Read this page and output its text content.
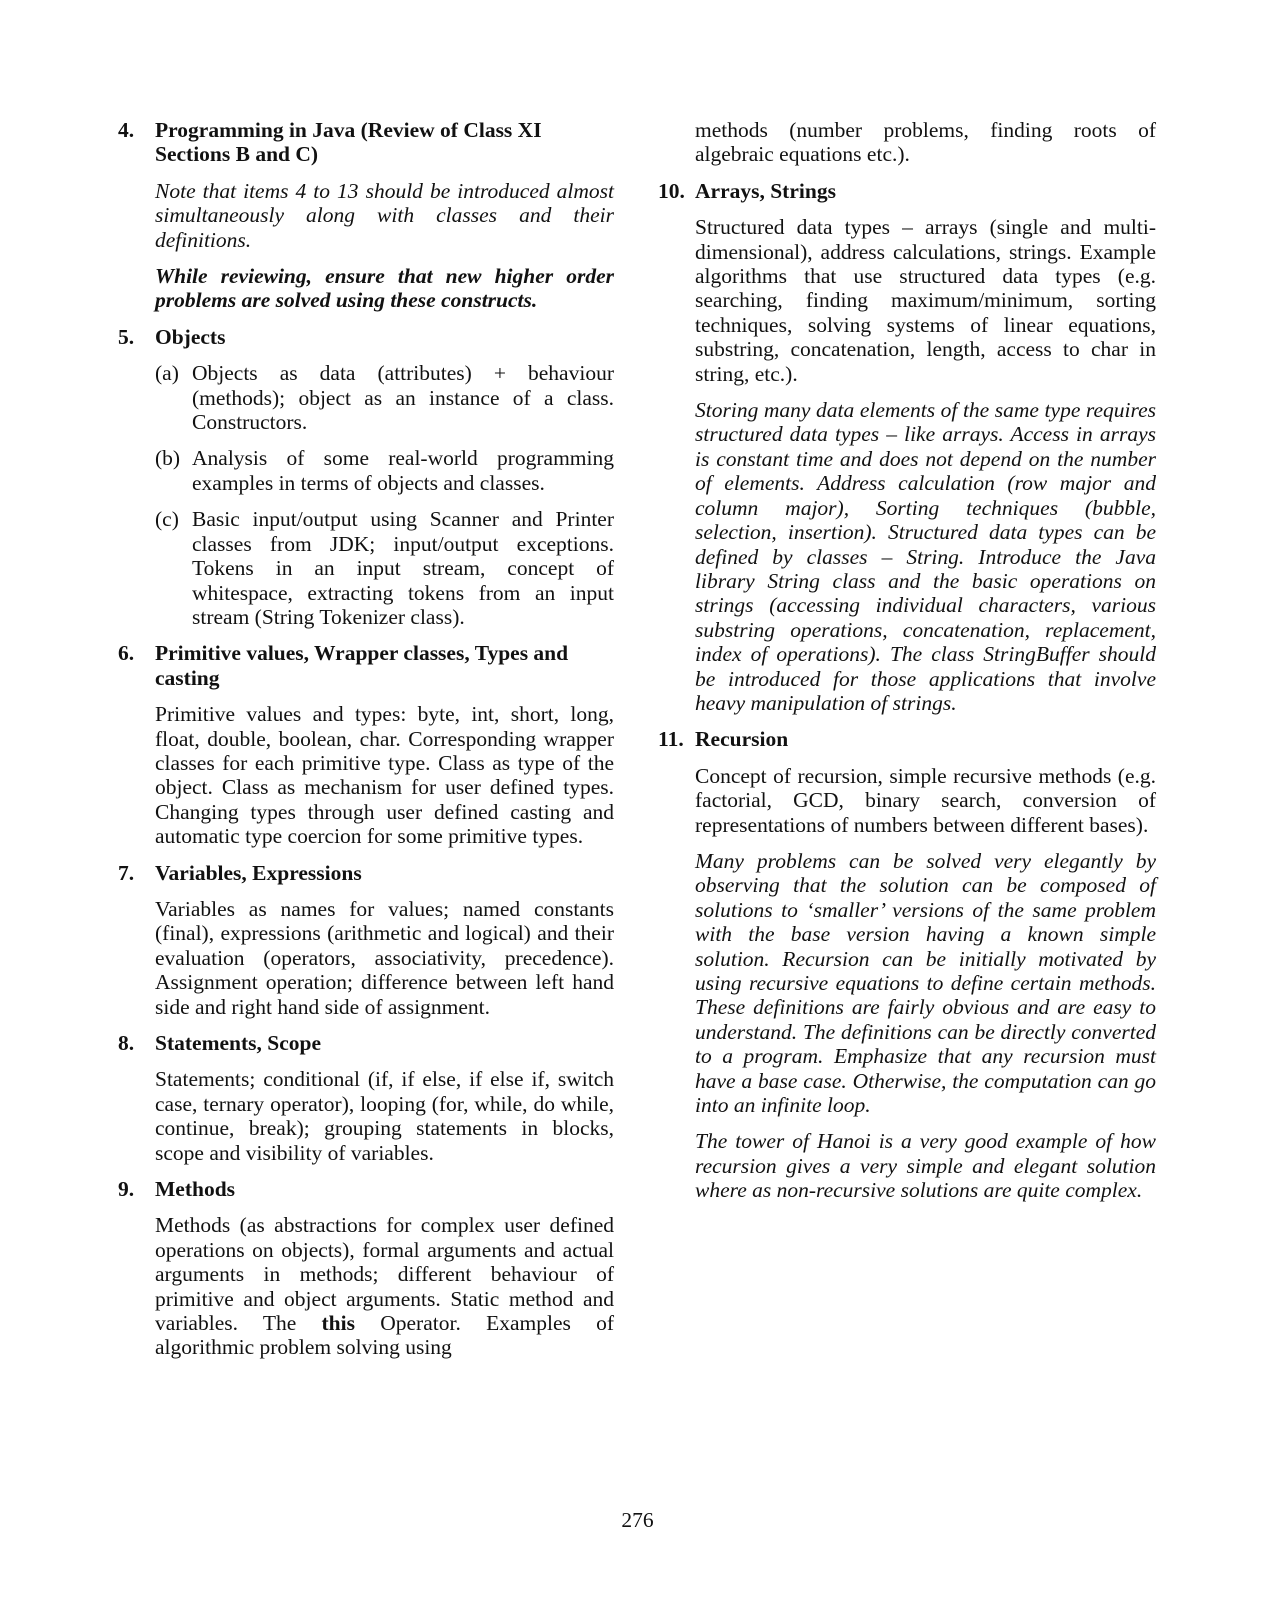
4. Programming in Java (Review of Class XI Sections B and C)

Note that items 4 to 13 should be introduced almost simultaneously along with classes and their definitions.

While reviewing, ensure that new higher order problems are solved using these constructs.

5. Objects
(a) Objects as data (attributes) + behaviour (methods); object as an instance of a class. Constructors.
(b) Analysis of some real-world programming examples in terms of objects and classes.
(c) Basic input/output using Scanner and Printer classes from JDK; input/output exceptions. Tokens in an input stream, concept of whitespace, extracting tokens from an input stream (String Tokenizer class).
6. Primitive values, Wrapper classes, Types and casting

Primitive values and types: byte, int, short, long, float, double, boolean, char. Corresponding wrapper classes for each primitive type. Class as type of the object. Class as mechanism for user defined types. Changing types through user defined casting and automatic type coercion for some primitive types.

7. Variables, Expressions

Variables as names for values; named constants (final), expressions (arithmetic and logical) and their evaluation (operators, associativity, precedence). Assignment operation; difference between left hand side and right hand side of assignment.

8. Statements, Scope

Statements; conditional (if, if else, if else if, switch case, ternary operator), looping (for, while, do while, continue, break); grouping statements in blocks, scope and visibility of variables.

9. Methods

Methods (as abstractions for complex user defined operations on objects), formal arguments and actual arguments in methods; different behaviour of primitive and object arguments. Static method and variables. The this Operator. Examples of algorithmic problem solving using

methods (number problems, finding roots of algebraic equations etc.).

10. Arrays, Strings

Structured data types – arrays (single and multi-dimensional), address calculations, strings. Example algorithms that use structured data types (e.g. searching, finding maximum/minimum, sorting techniques, solving systems of linear equations, substring, concatenation, length, access to char in string, etc.).

Storing many data elements of the same type requires structured data types – like arrays. Access in arrays is constant time and does not depend on the number of elements. Address calculation (row major and column major), Sorting techniques (bubble, selection, insertion). Structured data types can be defined by classes – String. Introduce the Java library String class and the basic operations on strings (accessing individual characters, various substring operations, concatenation, replacement, index of operations). The class StringBuffer should be introduced for those applications that involve heavy manipulation of strings.

11. Recursion

Concept of recursion, simple recursive methods (e.g. factorial, GCD, binary search, conversion of representations of numbers between different bases).

Many problems can be solved very elegantly by observing that the solution can be composed of solutions to ‘smaller’ versions of the same problem with the base version having a known simple solution. Recursion can be initially motivated by using recursive equations to define certain methods. These definitions are fairly obvious and are easy to understand. The definitions can be directly converted to a program. Emphasize that any recursion must have a base case. Otherwise, the computation can go into an infinite loop.

The tower of Hanoi is a very good example of how recursion gives a very simple and elegant solution where as non-recursive solutions are quite complex.

276
